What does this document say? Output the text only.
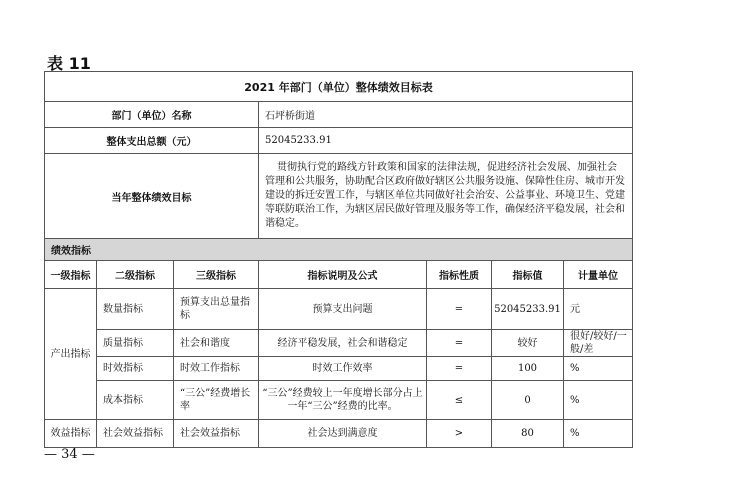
表 11
2021 年部门（单位）整体绩效目标表						
部门（单位）名称			石坪桥街道			
整体支出总额（元）			52045233.91			
当年整体绩效目标			贯彻执行党的路线方针政策和国家的法律法规，促进经济社会发展、加强社会管理和公共服务，协助配合区政府做好辖区公共服务设施、保障性住房、城市开发建设的拆迁安置工作，与辖区单位共同做好社会治安、公益事业、环境卫生、党建等联防联治工作，为辖区居民做好管理及服务等工作，确保经济平稳发展，社会和谐稳定。			
绩效指标						
一级指标	二级指标	三级指标	指标说明及公式	指标性质	指标值	计量单位
产出指标	数量指标	预算支出总量指标	预算支出问题	=	52045233.91	元
	质量指标	社会和谐度	经济平稳发展，社会和谐稳定	=	较好	很好/较好/一般/差
	时效指标	时效工作指标	时效工作效率	=	100	%
	成本指标	“三公”经费增长率	“三公”经费较上一年度增长部分占上一年“三公”经费的比率。	≤	0	%
效益指标	社会效益指标	社会效益指标	社会达到满意度	>	80	%
— 34 —
